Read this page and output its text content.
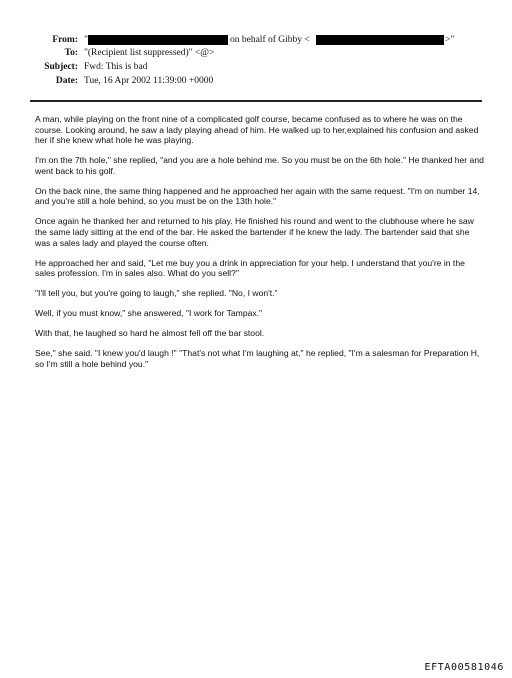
From: "	on behalf of Gibby <	>"
To: "(Recipient list suppressed)" <@>
Subject: Fwd: This is bad
Date: Tue, 16 Apr 2002 11:39:00 +0000

A man, while playing on the front nine of a complicated golf course, became confused as to where he was on the course. Looking around, he saw a lady playing ahead of him. He walked up to her,explained his confusion and asked her if she knew what hole he was playing.

I'm on the 7th hole," she replied, "and you are a hole behind me. So you must be on the 6th hole." He thanked her and went back to his golf.

On the back nine, the same thing happened and he approached her again with the same request. "I'm on number 14, and you're still a hole behind, so you must be on the 13th hole."

Once again he thanked her and returned to his play. He finished his round and went to the clubhouse where he saw the same lady sitting at the end of the bar. He asked the bartender if he knew the lady. The bartender said that she was a sales lady and played the course often.

He approached her and said, "Let me buy you a drink in appreciation for your help. I understand that you're in the sales profession. I'm in sales also. What do you sell?"

"I'll tell you, but you're going to laugh," she replied. "No, I won't."

Well, if you must know," she answered, "I work for Tampax."

With that, he laughed so hard he almost fell off the bar stool.

See," she said. "I knew you'd laugh !" "That's not what I'm laughing at," he replied, "I'm a salesman for Preparation H, so I'm still a hole behind you."

EFTA00581046
